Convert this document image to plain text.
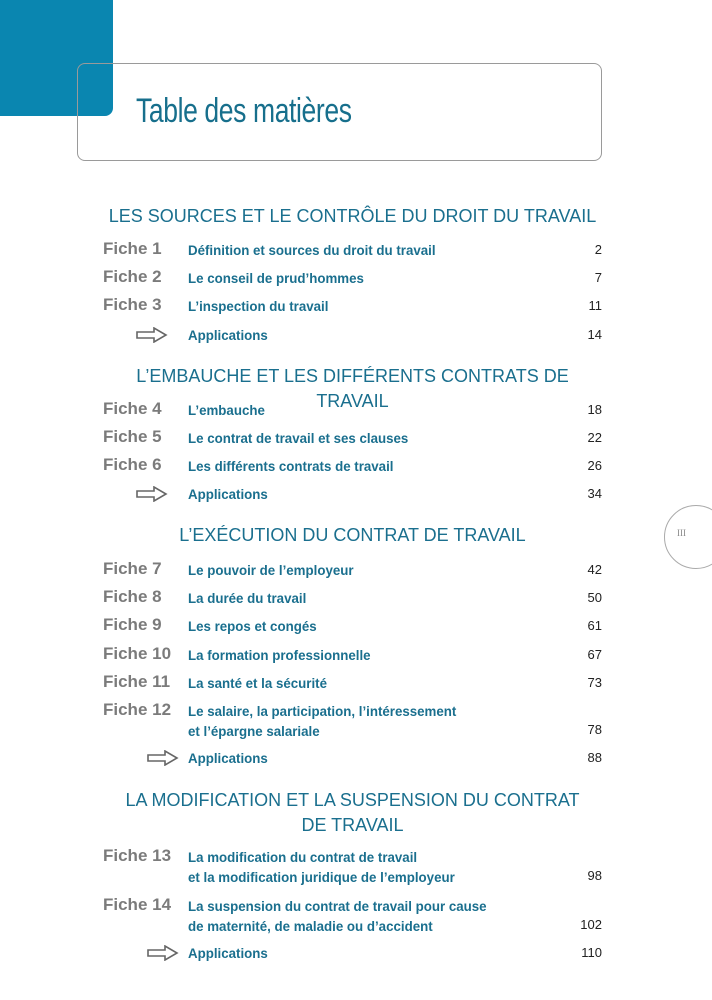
Table des matières
III
LES SOURCES ET LE CONTRÔLE DU DROIT DU TRAVAIL
Fiche 1 Définition et sources du droit du travail	2
Fiche 2 Le conseil de prud’hommes	7
Fiche 3 L’inspection du travail	11
Applications	14
L’EMBAUCHE ET LES DIFFÉRENTS CONTRATS DE TRAVAIL
Fiche 4 L’embauche	18
Fiche 5 Le contrat de travail et ses clauses	22
Fiche 6 Les différents contrats de travail	26
Applications	34
L’EXÉCUTION DU CONTRAT DE TRAVAIL
Fiche 7 Le pouvoir de l’employeur	42
Fiche 8 La durée du travail	50
Fiche 9 Les repos et congés	61
Fiche 10 La formation professionnelle	67
Fiche 11 La santé et la sécurité	73
Fiche 12 Le salaire, la participation, l’intéressement
et l’épargne salariale	78
Applications	88
LA MODIFICATION ET LA SUSPENSION DU CONTRAT
DE TRAVAIL
Fiche 13 La modification du contrat de travail
et la modification juridique de l’employeur	98
Fiche 14 La suspension du contrat de travail pour cause
de maternité, de maladie ou d’accident	102
Applications	110
